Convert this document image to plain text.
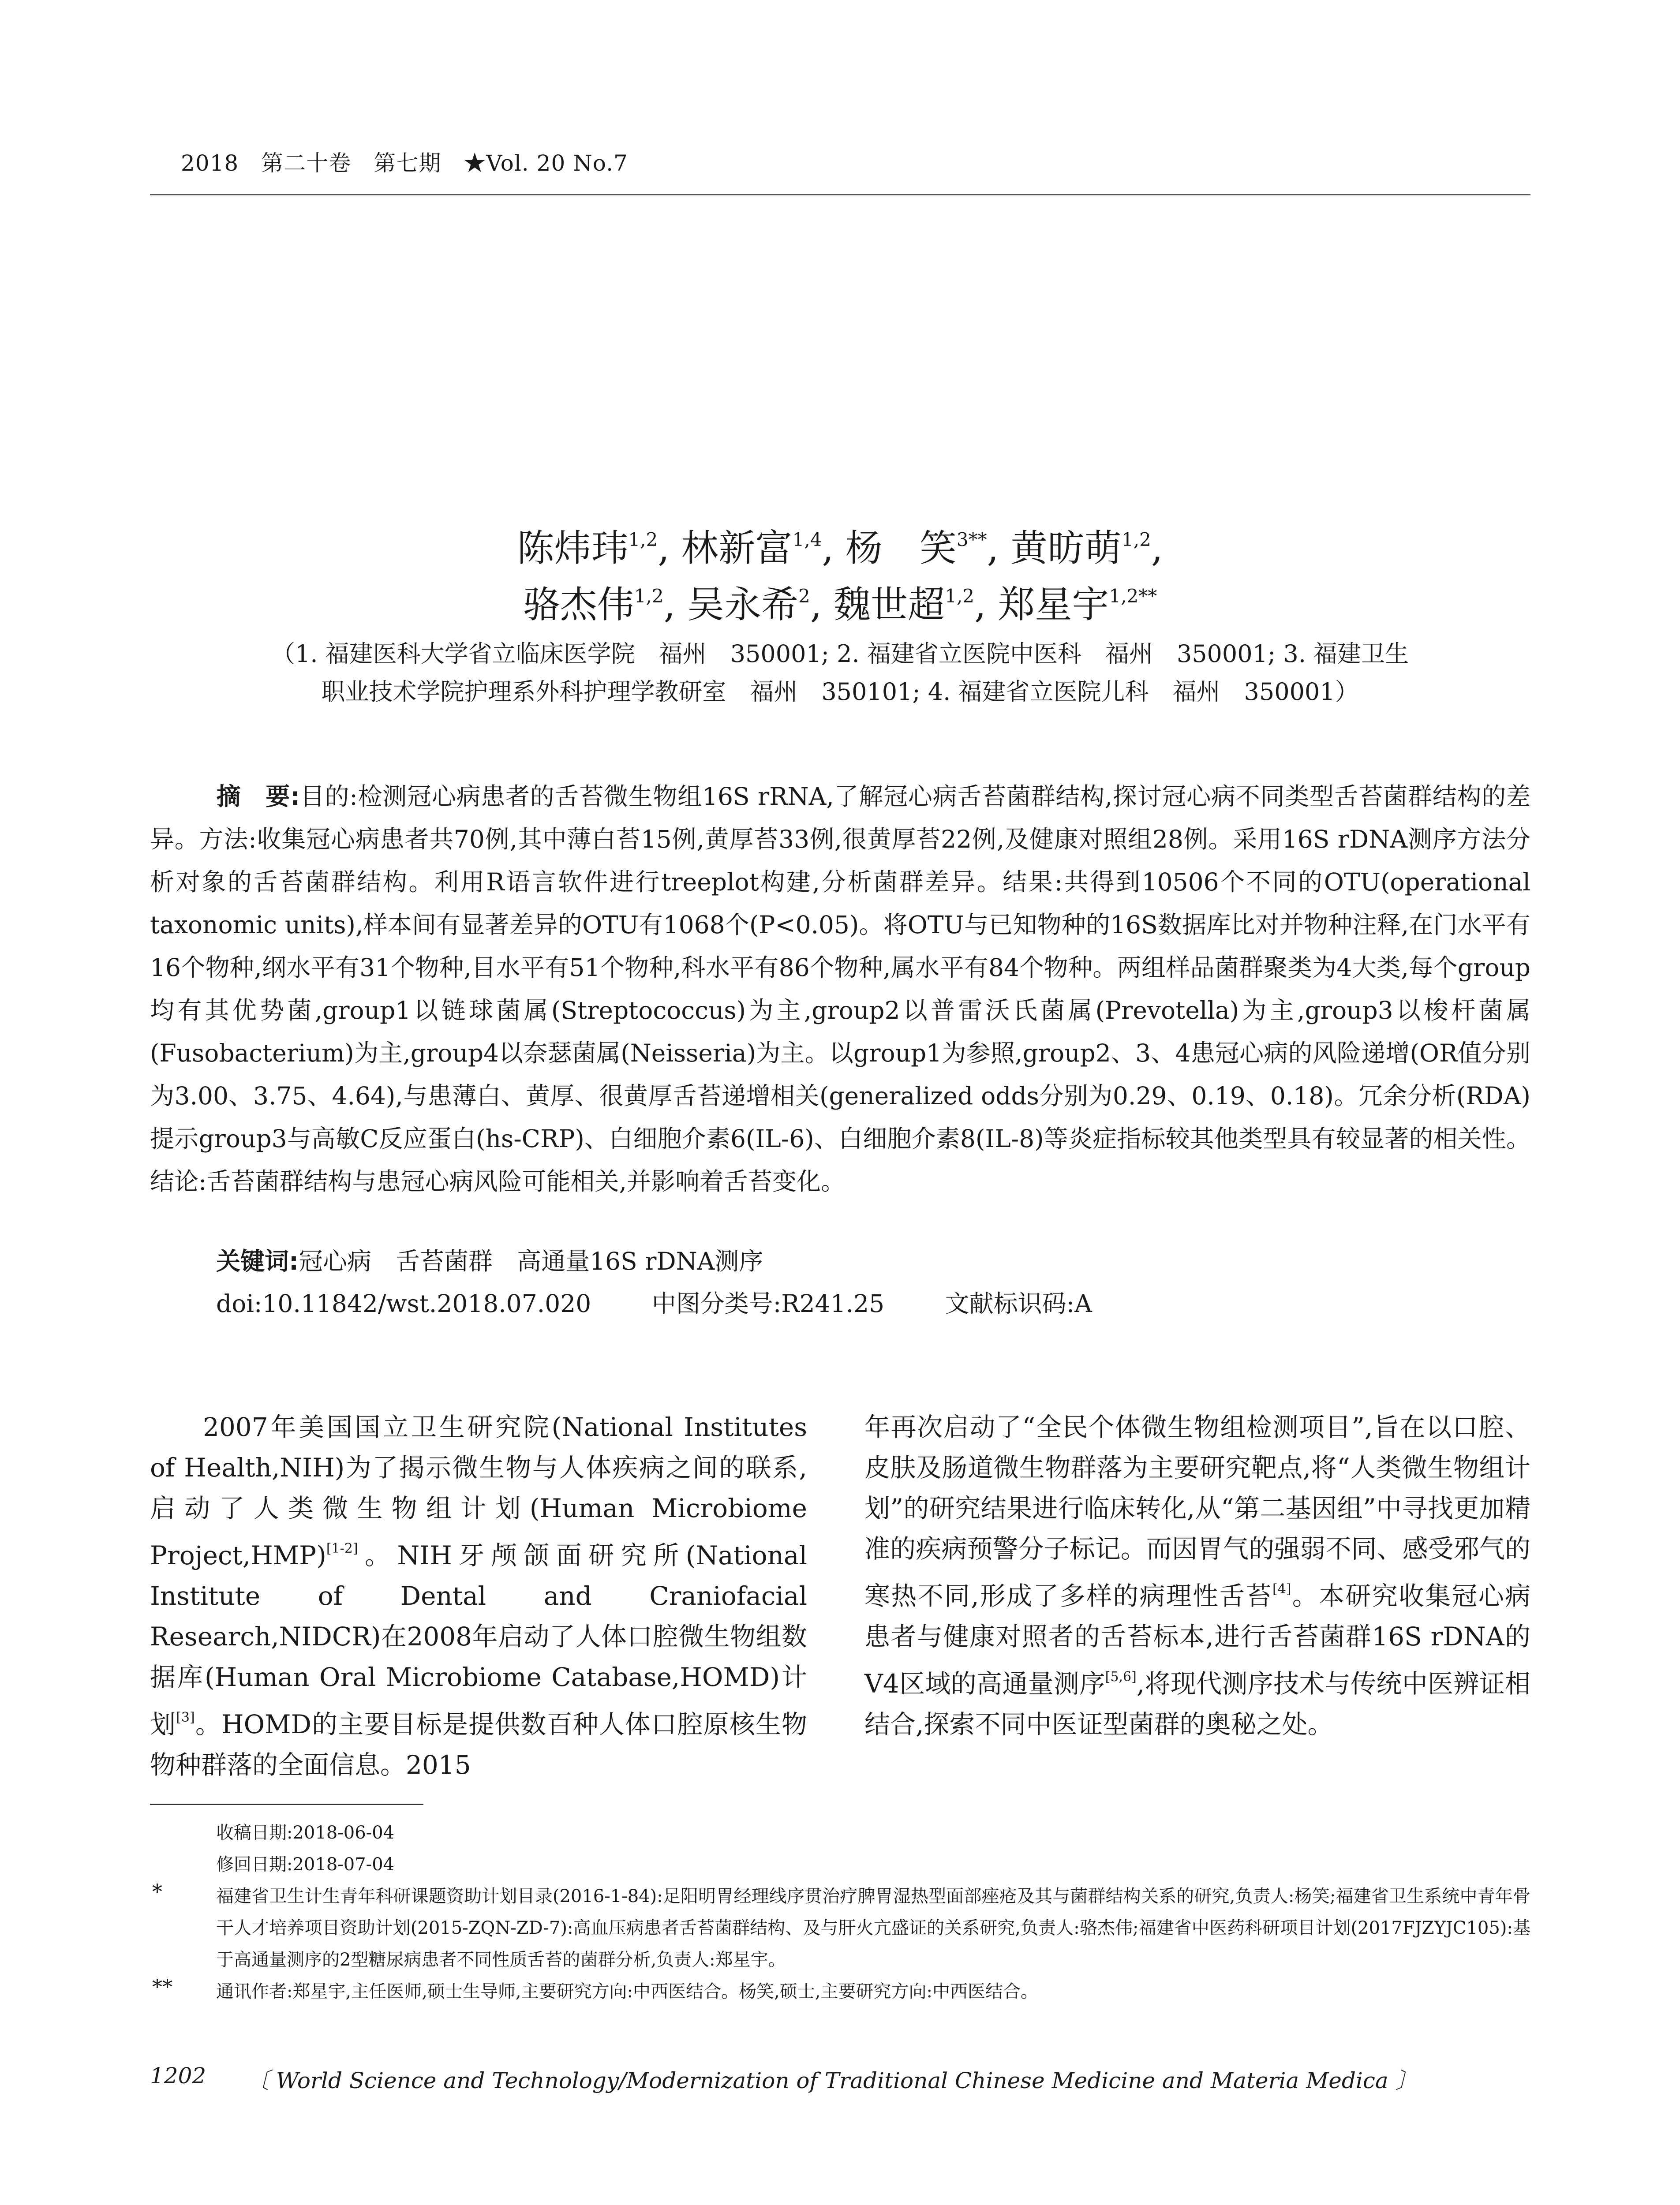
2018　第二十卷　第七期　★Vol. 20 No.7
陈炜玮$^{1,2}$, 林新富$^{1,4}$, 杨　笑$^{3**}$, 黄昉萌$^{1,2}$,
骆杰伟$^{1,2}$, 吴永希$^2$, 魏世超$^{1,2}$, 郑星宇$^{1,2**}$
（1. 福建医科大学省立临床医学院　福州　350001; 2. 福建省立医院中医科　福州　350001; 3. 福建卫生
职业技术学院护理系外科护理学教研室　福州　350101; 4. 福建省立医院儿科　福州　350001）
摘　要:目的:检测冠心病患者的舌苔微生物组16S rRNA,了解冠心病舌苔菌群结构,探讨冠心病不同类型舌苔菌群结构的差异。方法:收集冠心病患者共70例,其中薄白苔15例,黄厚苔33例,很黄厚苔22例,及健康对照组28例。采用16S rDNA测序方法分析对象的舌苔菌群结构。利用R语言软件进行treeplot构建,分析菌群差异。结果:共得到10506个不同的OTU(operational taxonomic units),样本间有显著差异的OTU有1068个(P<0.05)。将OTU与已知物种的16S数据库比对并物种注释,在门水平有16个物种,纲水平有31个物种,目水平有51个物种,科水平有86个物种,属水平有84个物种。两组样品菌群聚类为4大类,每个group均有其优势菌,group1以链球菌属(Streptococcus)为主,group2以普雷沃氏菌属(Prevotella)为主,group3以梭杆菌属(Fusobacterium)为主,group4以奈瑟菌属(Neisseria)为主。以group1为参照,group2、3、4患冠心病的风险递增(OR值分别为3.00、3.75、4.64),与患薄白、黄厚、很黄厚舌苔递增相关(generalized odds分别为0.29、0.19、0.18)。冗余分析(RDA)提示group3与高敏C反应蛋白(hs-CRP)、白细胞介素6(IL-6)、白细胞介素8(IL-8)等炎症指标较其他类型具有较显著的相关性。结论:舌苔菌群结构与患冠心病风险可能相关,并影响着舌苔变化。
关键词:冠心病　舌苔菌群　高通量16S rDNA测序
doi:10.11842/wst.2018.07.020 中图分类号:R241.25 文献标识码:A
2007年美国国立卫生研究院(National Institutes of Health,NIH)为了揭示微生物与人体疾病之间的联系,启动了人类微生物组计划(Human Microbiome Project,HMP)[1-2]。NIH牙颅颌面研究所(National Institute of Dental and Craniofacial Research,NIDCR)在2008年启动了人体口腔微生物组数据库(Human Oral Microbiome Catabase,HOMD)计划[3]。HOMD的主要目标是提供数百种人体口腔原核生物物种群落的全面信息。2015
年再次启动了“全民个体微生物组检测项目”,旨在以口腔、皮肤及肠道微生物群落为主要研究靶点,将“人类微生物组计划”的研究结果进行临床转化,从“第二基因组”中寻找更加精准的疾病预警分子标记。而因胃气的强弱不同、感受邪气的寒热不同,形成了多样的病理性舌苔[4]。本研究收集冠心病患者与健康对照者的舌苔标本,进行舌苔菌群16S rDNA的V4区域的高通量测序[5,6],将现代测序技术与传统中医辨证相结合,探索不同中医证型菌群的奥秘之处。
收稿日期:2018-06-04
修回日期:2018-07-04
*	福建省卫生计生青年科研课题资助计划目录(2016-1-84):足阳明胃经理线序贯治疗脾胃湿热型面部痤疮及其与菌群结构关系的研究,负责人:杨笑;福建省卫生系统中青年骨干人才培养项目资助计划(2015-ZQN-ZD-7):高血压病患者舌苔菌群结构、及与肝火亢盛证的关系研究,负责人:骆杰伟;福建省中医药科研项目计划(2017FJZYJC105):基于高通量测序的2型糖尿病患者不同性质舌苔的菌群分析,负责人:郑星宇。
** 通讯作者:郑星宇,主任医师,硕士生导师,主要研究方向:中西医结合。杨笑,硕士,主要研究方向:中西医结合。
1202 〔 World Science and Technology/Modernization of Traditional Chinese Medicine and Materia Medica 〕
